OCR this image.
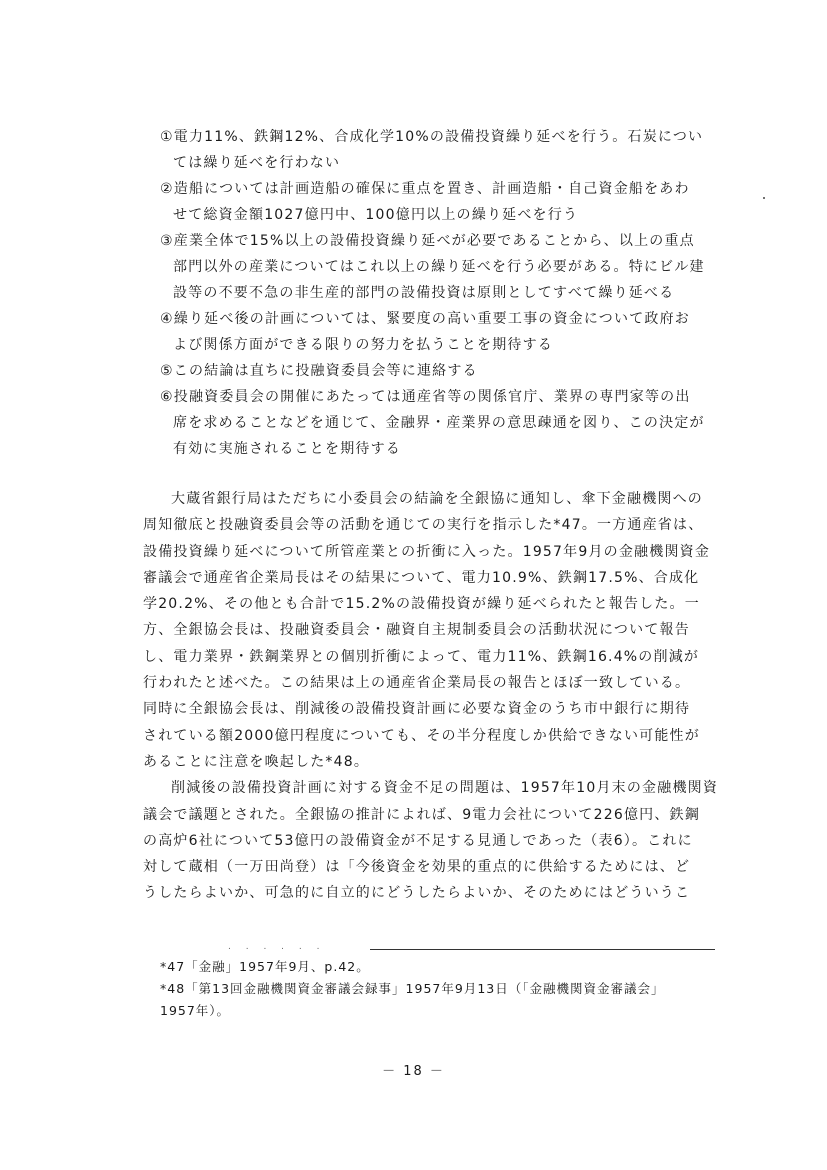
①電力11%、鉄鋼12%、合成化学10%の設備投資繰り延べを行う。石炭につい
ては繰り延べを行わない

②造船については計画造船の確保に重点を置き、計画造船・自己資金船をあわ
せて総資金額1027億円中、100億円以上の繰り延べを行う

③産業全体で15%以上の設備投資繰り延べが必要であることから、以上の重点
部門以外の産業についてはこれ以上の繰り延べを行う必要がある。特にビル建
設等の不要不急の非生産的部門の設備投資は原則としてすべて繰り延べる

④繰り延べ後の計画については、緊要度の高い重要工事の資金について政府お
よび関係方面ができる限りの努力を払うことを期待する

⑤この結論は直ちに投融資委員会等に連絡する

⑥投融資委員会の開催にあたっては通産省等の関係官庁、業界の専門家等の出
席を求めることなどを通じて、金融界・産業界の意思疎通を図り、この決定が
有効に実施されることを期待する

大蔵省銀行局はただちに小委員会の結論を全銀協に通知し、傘下金融機関への
周知徹底と投融資委員会等の活動を通じての実行を指示した*47。一方通産省は、
設備投資繰り延べについて所管産業との折衝に入った。1957年9月の金融機関資金
審議会で通産省企業局長はその結果について、電力10.9%、鉄鋼17.5%、合成化
学20.2%、その他とも合計で15.2%の設備投資が繰り延べられたと報告した。一
方、全銀協会長は、投融資委員会・融資自主規制委員会の活動状況について報告
し、電力業界・鉄鋼業界との個別折衝によって、電力11%、鉄鋼16.4%の削減が
行われたと述べた。この結果は上の通産省企業局長の報告とほぼ一致している。
同時に全銀協会長は、削減後の設備投資計画に必要な資金のうち市中銀行に期待
されている額2000億円程度についても、その半分程度しか供給できない可能性が
あることに注意を喚起した*48。

削減後の設備投資計画に対する資金不足の問題は、1957年10月末の金融機関資
議会で議題とされた。全銀協の推計によれば、9電力会社について226億円、鉄鋼
の高炉6社について53億円の設備資金が不足する見通しであった（表6）。これに
対して蔵相（一万田尚登）は「今後資金を効果的重点的に供給するためには、ど
うしたらよいか、可急的に自立的にどうしたらよいか、そのためにはどういうこ

. . . . . .

*47「金融」1957年9月、p.42。

*48「第13回金融機関資金審議会録事」1957年9月13日（「金融機関資金審議会」
1957年）。

－ 18 －
